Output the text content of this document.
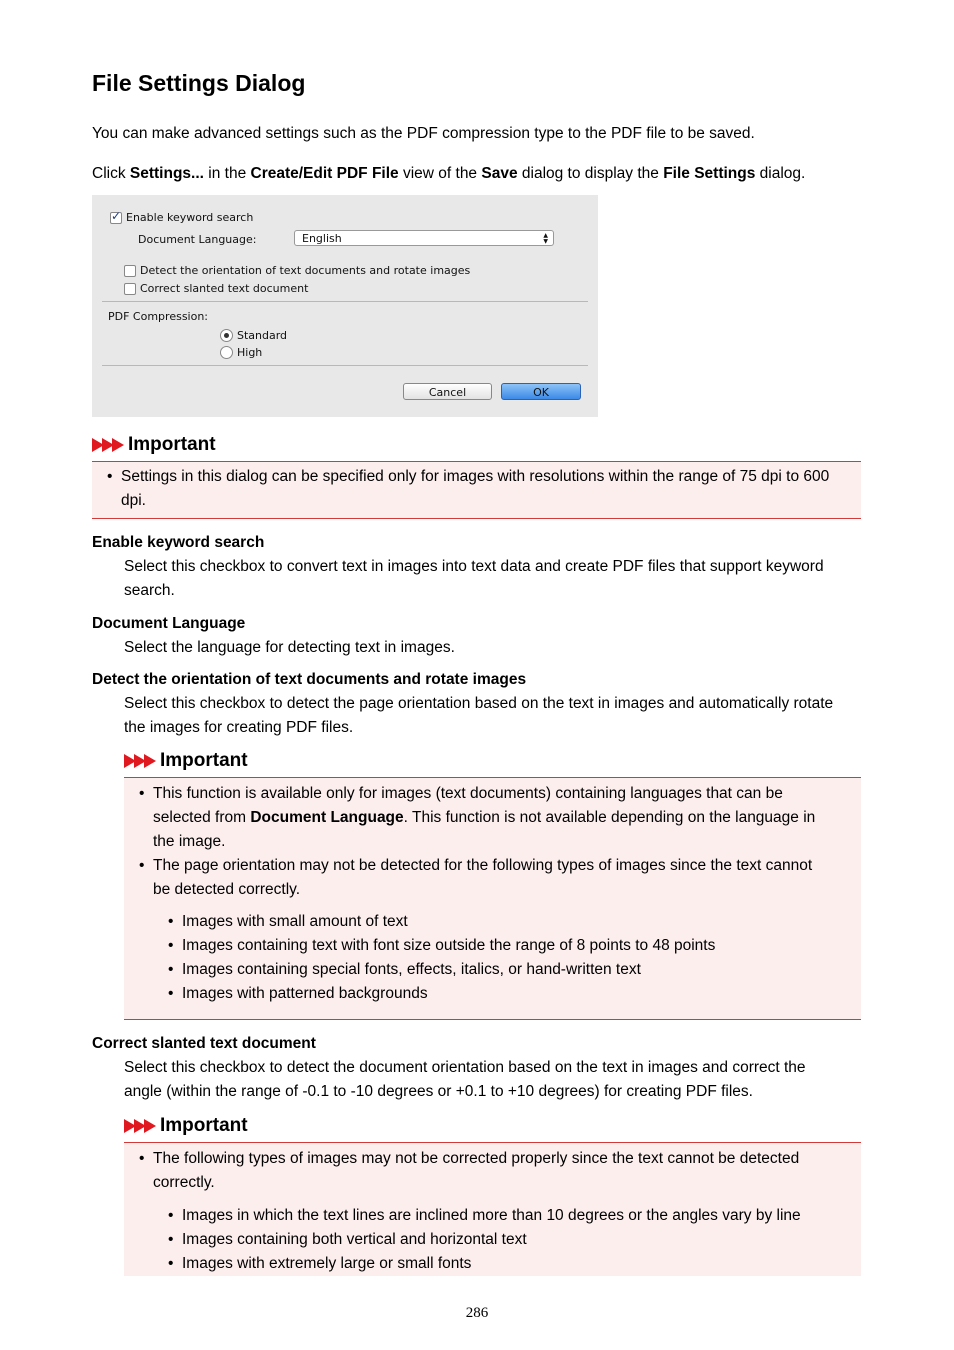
File Settings Dialog
You can make advanced settings such as the PDF compression type to the PDF file to be saved.
Click Settings... in the Create/Edit PDF File view of the Save dialog to display the File Settings dialog.
✓
Enable keyword search
Document Language:	English	▲
▼
Detect the orientation of text documents and rotate images
Correct slanted text document
PDF Compression:
Standard
High
Cancel	OK
Important
• Settings in this dialog can be specified only for images with resolutions within the range of 75 dpi to 600
dpi.
Enable keyword search
Select this checkbox to convert text in images into text data and create PDF files that support keyword
search.
Document Language
Select the language for detecting text in images.
Detect the orientation of text documents and rotate images
Select this checkbox to detect the page orientation based on the text in images and automatically rotate
the images for creating PDF files.
Important
• This function is available only for images (text documents) containing languages that can be
selected from Document Language. This function is not available depending on the language in
the image.
• The page orientation may not be detected for the following types of images since the text cannot
be detected correctly.
• Images with small amount of text
• Images containing text with font size outside the range of 8 points to 48 points
• Images containing special fonts, effects, italics, or hand-written text
• Images with patterned backgrounds
Correct slanted text document
Select this checkbox to detect the document orientation based on the text in images and correct the
angle (within the range of -0.1 to -10 degrees or +0.1 to +10 degrees) for creating PDF files.
Important
• The following types of images may not be corrected properly since the text cannot be detected
correctly.
• Images in which the text lines are inclined more than 10 degrees or the angles vary by line
• Images containing both vertical and horizontal text
• Images with extremely large or small fonts
286
